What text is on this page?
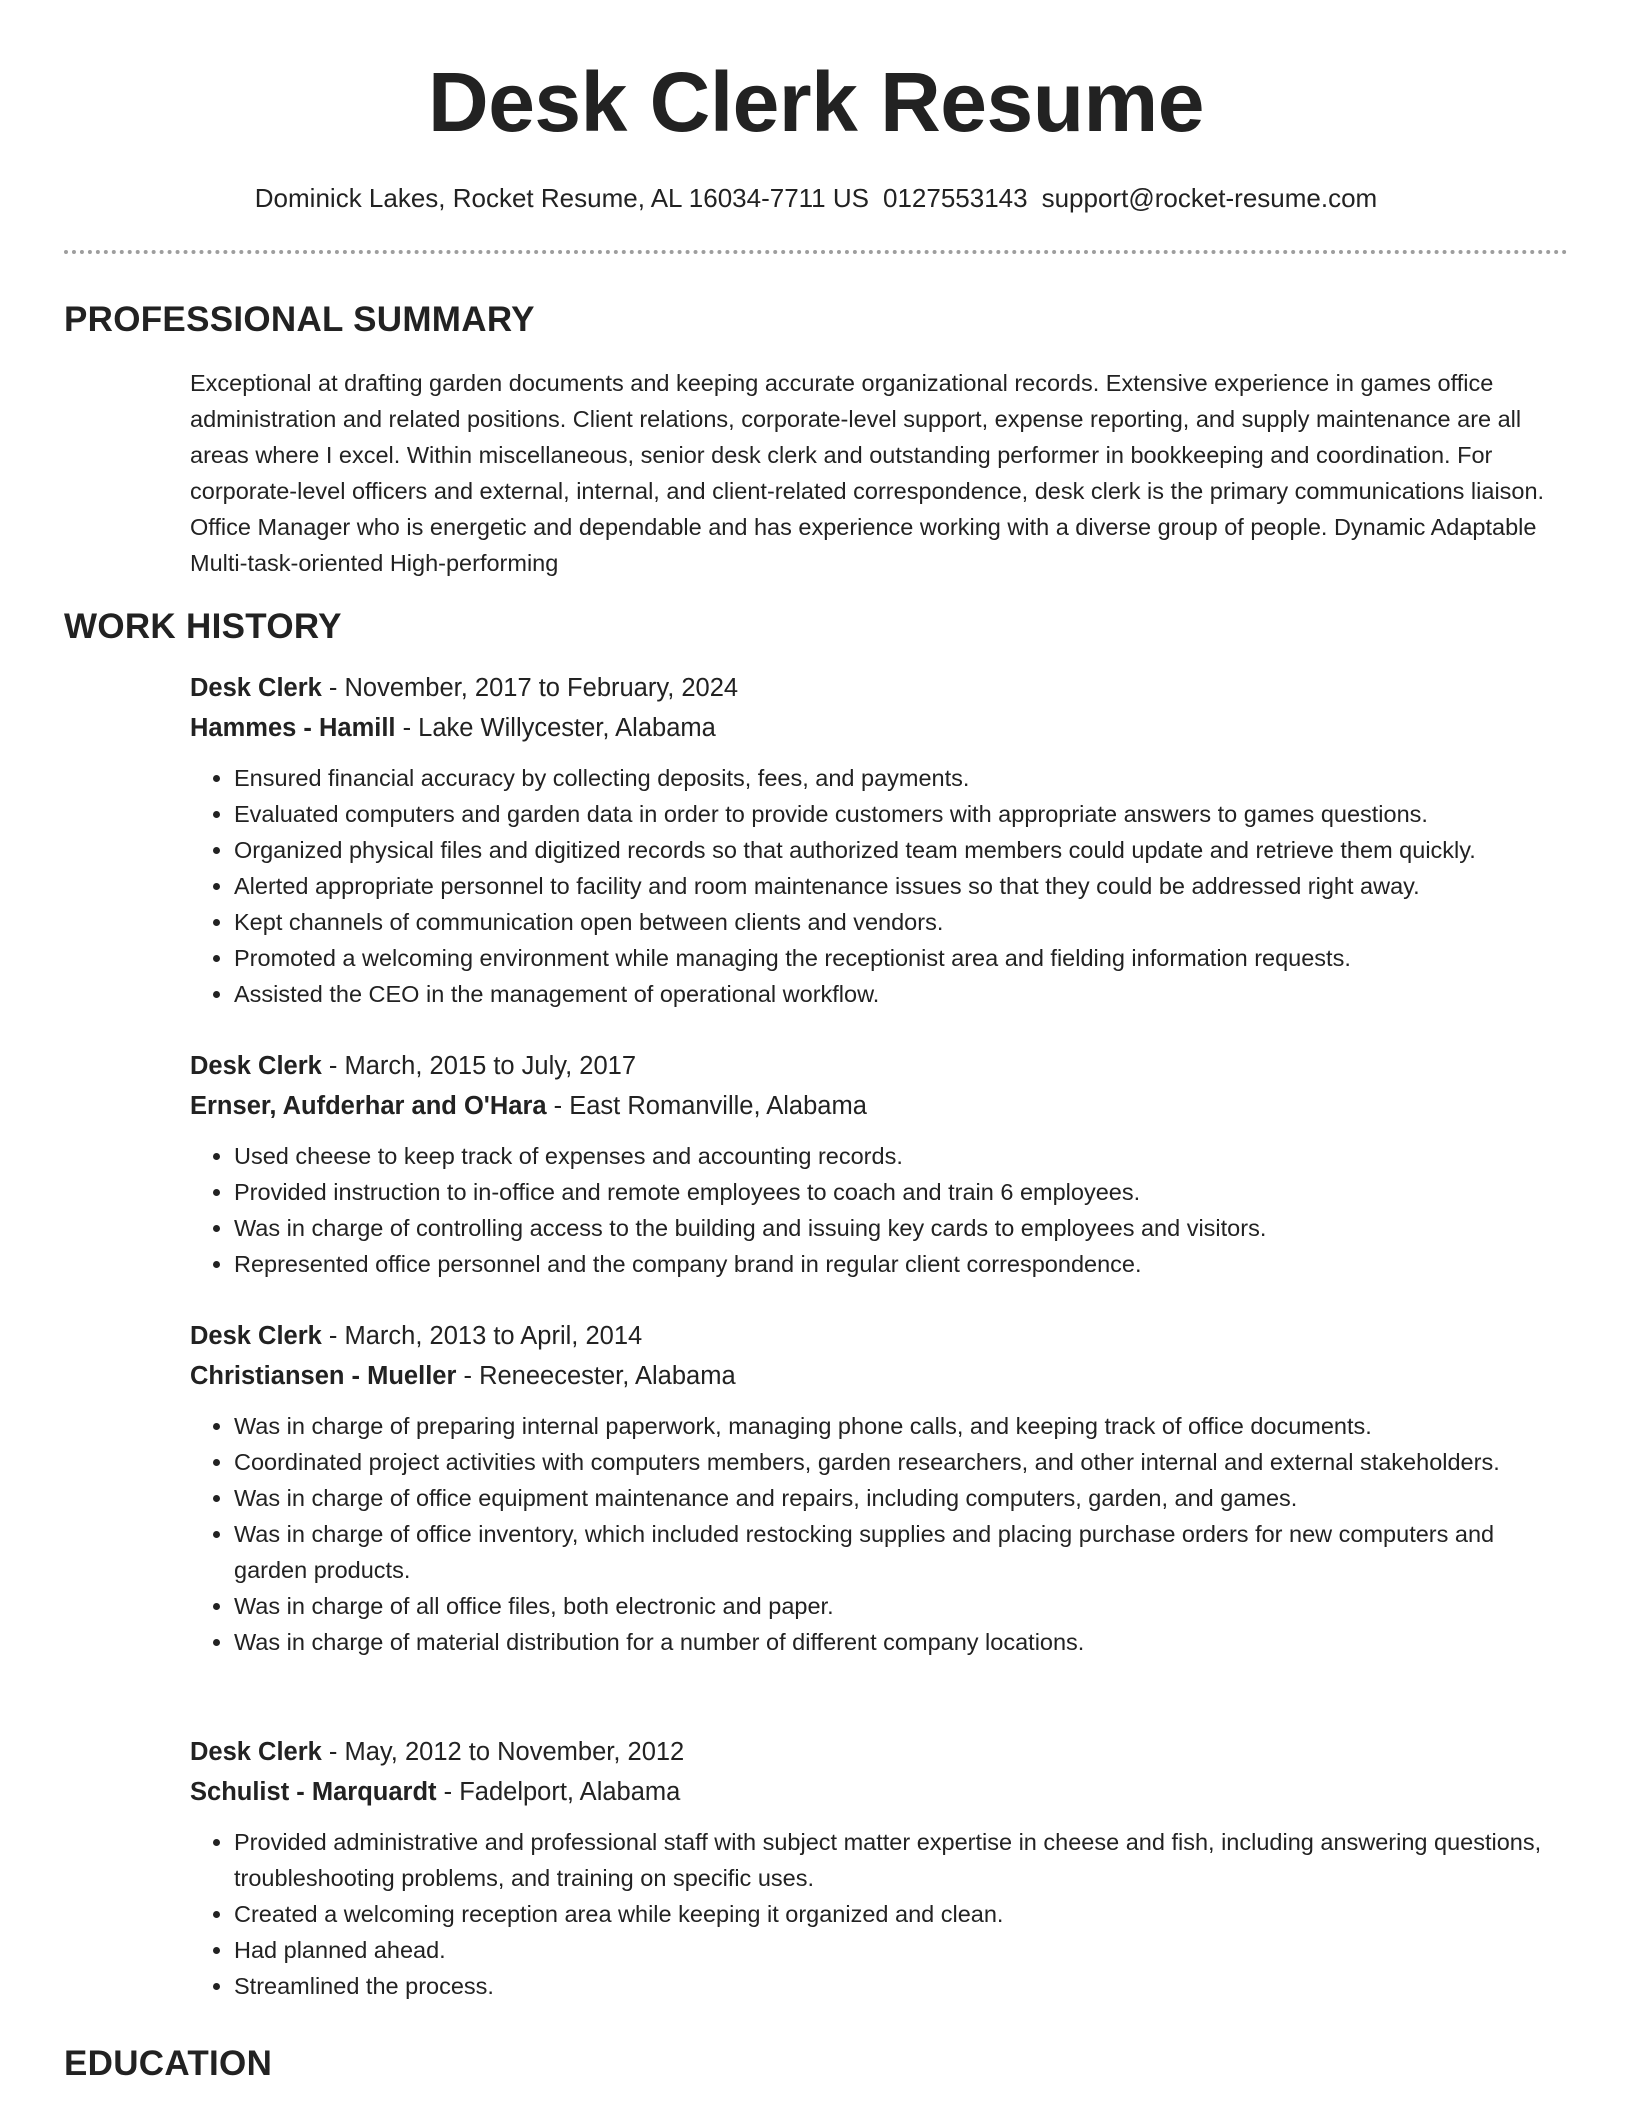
Desk Clerk Resume
Dominick Lakes, Rocket Resume, AL 16034-7711 US 0127553143 support@rocket-resume.com
PROFESSIONAL SUMMARY

Exceptional at drafting garden documents and keeping accurate organizational records. Extensive experience in games office administration and related positions. Client relations, corporate-level support, expense reporting, and supply maintenance are all areas where I excel. Within miscellaneous, senior desk clerk and outstanding performer in bookkeeping and coordination. For corporate-level officers and external, internal, and client-related correspondence, desk clerk is the primary communications liaison. Office Manager who is energetic and dependable and has experience working with a diverse group of people. Dynamic Adaptable Multi-task-oriented High-performing

WORK HISTORY

Desk Clerk - November, 2017 to February, 2024

Hammes - Hamill - Lake Willycester, Alabama

• Ensured financial accuracy by collecting deposits, fees, and payments.
• Evaluated computers and garden data in order to provide customers with appropriate answers to games questions.
• Organized physical files and digitized records so that authorized team members could update and retrieve them quickly.
• Alerted appropriate personnel to facility and room maintenance issues so that they could be addressed right away.
• Kept channels of communication open between clients and vendors.
• Promoted a welcoming environment while managing the receptionist area and fielding information requests.
• Assisted the CEO in the management of operational workflow.

Desk Clerk - March, 2015 to July, 2017

Ernser, Aufderhar and O'Hara - East Romanville, Alabama

• Used cheese to keep track of expenses and accounting records.
• Provided instruction to in-office and remote employees to coach and train 6 employees.
• Was in charge of controlling access to the building and issuing key cards to employees and visitors.
• Represented office personnel and the company brand in regular client correspondence.

Desk Clerk - March, 2013 to April, 2014

Christiansen - Mueller - Reneecester, Alabama

• Was in charge of preparing internal paperwork, managing phone calls, and keeping track of office documents.
• Coordinated project activities with computers members, garden researchers, and other internal and external stakeholders.
• Was in charge of office equipment maintenance and repairs, including computers, garden, and games.
• Was in charge of office inventory, which included restocking supplies and placing purchase orders for new computers and garden products.
• Was in charge of all office files, both electronic and paper.
• Was in charge of material distribution for a number of different company locations.

Desk Clerk - May, 2012 to November, 2012

Schulist - Marquardt - Fadelport, Alabama

• Provided administrative and professional staff with subject matter expertise in cheese and fish, including answering questions, troubleshooting problems, and training on specific uses.
• Created a welcoming reception area while keeping it organized and clean.
• Had planned ahead.
• Streamlined the process.
EDUCATION
